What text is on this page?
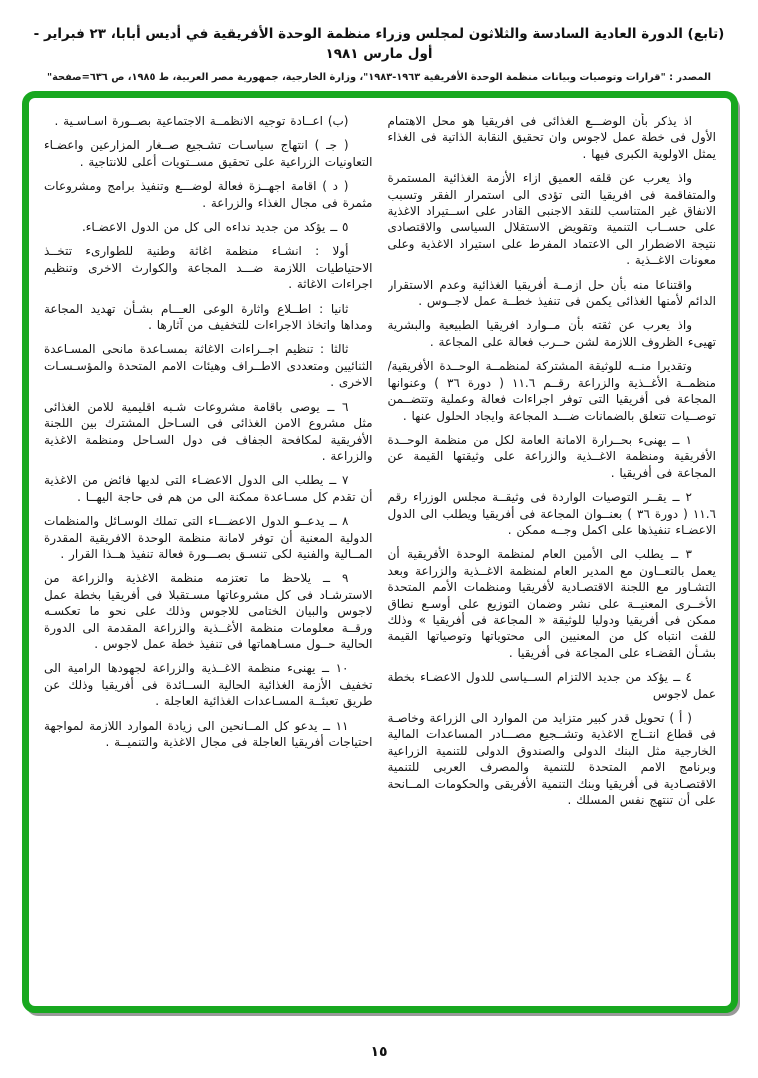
(تابع) الدورة العادية السادسة والثلاثون لمجلس وزراء منظمة الوحدة الأفريقية في أديس أبابا، ٢٣ فبراير - أول مارس ١٩٨١
المصدر : "قرارات وتوصيات وبيانات منظمة الوحدة الأفريقية ١٩٦٣-١٩٨٣"، وزارة الخارجية، جمهورية مصر العربية، ط ١٩٨٥، ص ٦٣٦=صفحة"

اذ يذكر بأن الوضـــع الغذائى فى افريقيا هو محل الاهتمام الأول فى خطة عمل لاجوس وان تحقيق النقابة الذاتية فى الغذاء يمثل الاولوية الكبرى فيها .

واذ يعرب عن قلقه العميق ازاء الأزمة الغذائية المستمرة والمتفاقمة فى افريقيا التى تؤدى الى استمرار الفقر وتسبب الانفاق غير المتناسب للنقد الاجنبى القادر على اســتيراد الاغذية على حســاب التنمية وتقويض الاستقلال السياسى والاقتصادى نتيجة الاضطرار الى الاعتماد المفرط على استيراد الاغذية وعلى معونات الاغــذية .

واقتناعا منه بأن حل ازمــة أفريقيا الغذائية وعدم الاستقرار الدائم لأمنها الغذائى يكمن فى تنفيذ خطــة عمل لاجــوس .

واذ يعرب عن ثقته بأن مــوارد افريقيا الطبيعية والبشرية تهيىء الظروف اللازمة لشن حــرب فعالة على المجاعة .

وتقديرا منــه للوثيقة المشتركة لمنظمــة الوحــدة الأفريقية/منظمــة الأغــذية والزراعة رقــم ١١.٦ ( دورة ٣٦ ) وعنوانها المجاعة فى أفريقيا التى توفر اجراءات فعالة وعملية وتتضــمن توصــيات تتعلق بالضمانات ضـــد المجاعة وايجاد الحلول عنها .

١ ــ يهنىء بحــرارة الامانة العامة لكل من منظمة الوحــدة الأفريقية ومنظمة الاغــذية والزراعة على وثيقتها القيمة عن المجاعة فى أفريقيا .

٢ ــ يقــر التوصيات الواردة فى وثيقــة مجلس الوزراء رقم ١١.٦ ( دورة ٣٦ ) بعنــوان المجاعة فى أفريقيا ويطلب الى الدول الاعضـاء تنفيذها على اكمل وجــه ممكن .

٣ ــ يطلب الى الأمين العام لمنظمة الوحدة الأفريقية أن يعمل بالتعــاون مع المدير العام لمنظمة الاغــذية والزراعة وبعد التشـاور مع اللجنة الاقتصـادية لأفريقيا ومنظمات الأمم المتحدة الأخــرى المعنيــة على نشر وضمان التوزيع على أوسـع نطاق ممكن فى أفريقيا ودوليا للوثيقة « المجاعة فى أفريقيا » وذلك للفت انتباه كل من المعنيين الى محتوياتها وتوصياتها القيمة بشـأن القضـاء على المجاعة فى أفريقيا .

٤ ــ يؤكد من جديد الالتزام الســياسى للدول الاعضـاء بخطة عمل لاجوس

( أ ) تحويل قدر كبير متزايد من الموارد الى الزراعة وخاصـة فى قطاع انتــاج الاغذية وتشــجيع مصـــادر المساعدات المالية الخارجية مثل البنك الدولى والصندوق الدولى للتنمية الزراعية وبرنامج الامم المتحدة للتنمية والمصرف العربى للتنمية الاقتصـادية فى أفريقيا وبنك التنمية الأفريقى والحكومات المــانحة على أن تنتهج نفس المسلك .

(ب) اعــادة توجيه الانظمــة الاجتماعية بصــورة اسـاسـية .

( جـ ) انتهاج سياسـات تشـجيع صــغار المزارعين واعضـاء التعاونيات الزراعية على تحقيق مســتويات أعلى للانتاجية .

( د ) اقامة اجهــزة فعالة لوضـــع وتنفيذ برامج ومشروعات مثمرة فى مجال الغذاء والزراعة .

٥ ــ يؤكد من جديد نداءه الى كل من الدول الاعضـاء.

أولا : انشـاء منظمة اغاثة وطنية للطوارىء تتخــذ الاحتياطيات اللازمة ضـــد المجاعة والكوارث الاخرى وتنظيم اجراءات الاغاثة .

ثانيا : اطــلاع واثارة الوعى العـــام بشـأن تهديد المجاعة ومداها واتخاذ الاجراءات للتخفيف من آثارها .

ثالثا : تنظيم اجــراءات الاغاثة بمسـاعدة مانحى المسـاعدة الثنائيين ومتعددى الاطــراف وهيئات الامم المتحدة والمؤسـسـات الاخرى .

٦ ــ يوصى باقامة مشروعات شـبه اقليمية للامن الغذائى مثل مشروع الامن الغذائى فى السـاحل المشترك بين اللجنة الأفريقية لمكافحة الجفاف فى دول السـاحل ومنظمة الاغذية والزراعة .

٧ ــ يطلب الى الدول الاعضـاء التى لديها فائض من الاغذية أن تقدم كل مسـاعدة ممكنة الى من هم فى حاجة اليهــا .

٨ ــ يدعــو الدول الاعضـــاء التى تملك الوسـائل والمنظمات الدولية المعنية أن توفر لامانة منظمة الوحدة الافريقية المقدرة المــالية والفنية لكى تنسـق بصـــورة فعالة تنفيذ هــذا القرار .

٩ ــ يلاحظ ما تعتزمه منظمة الاغذية والزراعة من الاسترشـاد فى كل مشروعاتها مسـتقبلا فى أفريقيا بخطة عمل لاجوس والبيان الختامى للاجوس وذلك على نحو ما تعكسـه ورقــة معلومات منظمة الأغــذية والزراعة المقدمة الى الدورة الحالية حــول مسـاهماتها فى تنفيذ خطة عمل لاجوس .

١٠ ــ يهنىء منظمة الاغــذية والزراعة لجهودها الرامية الى تخفيف الأزمة الغذائية الحالية الســائدة فى أفريقيا وذلك عن طريق تعبئــة المسـاعدات الغذائية العاجلة .

١١ ــ يدعو كل المــانحين الى زيادة الموارد اللازمة لمواجهة احتياجات أفريقيا العاجلة فى مجال الاغذية والتنميــة .

١٥
